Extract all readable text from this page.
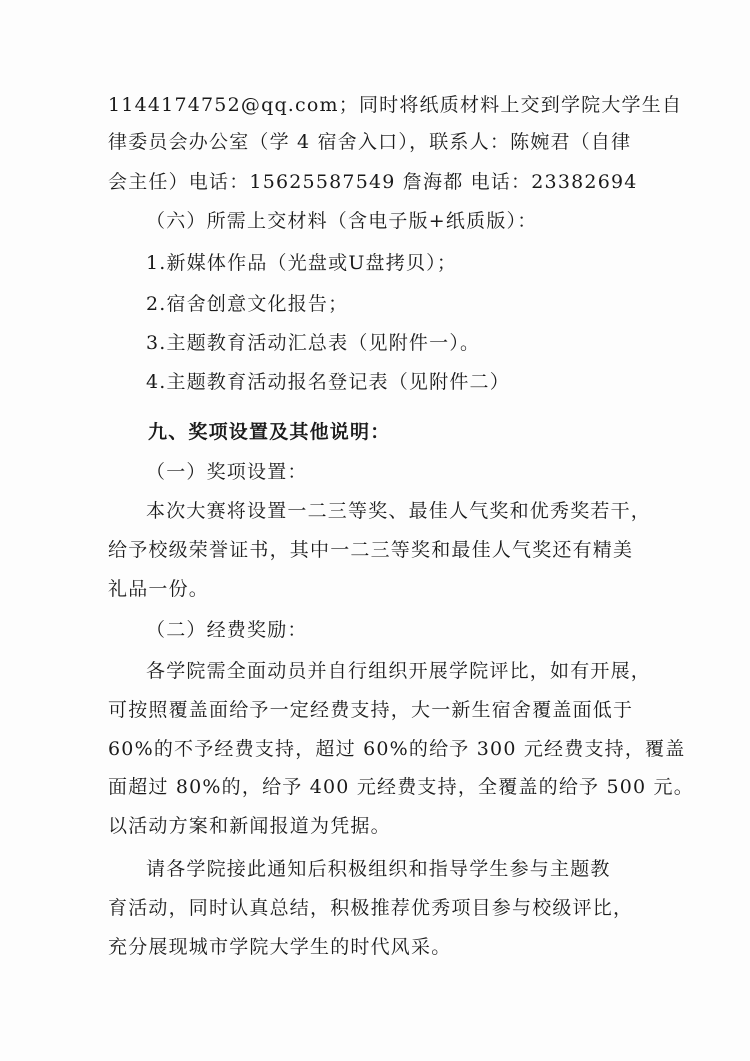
1144174752@qq.com；同时将纸质材料上交到学院大学生自
律委员会办公室（学 4 宿舍入口），联系人：陈婉君（自律
会主任）电话：15625587549 詹海都 电话：23382694
（六）所需上交材料（含电子版+纸质版）：
1.新媒体作品（光盘或U盘拷贝）；
2.宿舍创意文化报告；
3.主题教育活动汇总表（见附件一）。
4.主题教育活动报名登记表（见附件二）
九、奖项设置及其他说明：
（一）奖项设置：
本次大赛将设置一二三等奖、最佳人气奖和优秀奖若干，
给予校级荣誉证书，其中一二三等奖和最佳人气奖还有精美
礼品一份。
（二）经费奖励：
各学院需全面动员并自行组织开展学院评比，如有开展，
可按照覆盖面给予一定经费支持，大一新生宿舍覆盖面低于
60%的不予经费支持，超过 60%的给予 300 元经费支持，覆盖
面超过 80%的，给予 400 元经费支持，全覆盖的给予 500 元。
以活动方案和新闻报道为凭据。
请各学院接此通知后积极组织和指导学生参与主题教
育活动，同时认真总结，积极推荐优秀项目参与校级评比，
充分展现城市学院大学生的时代风采。
